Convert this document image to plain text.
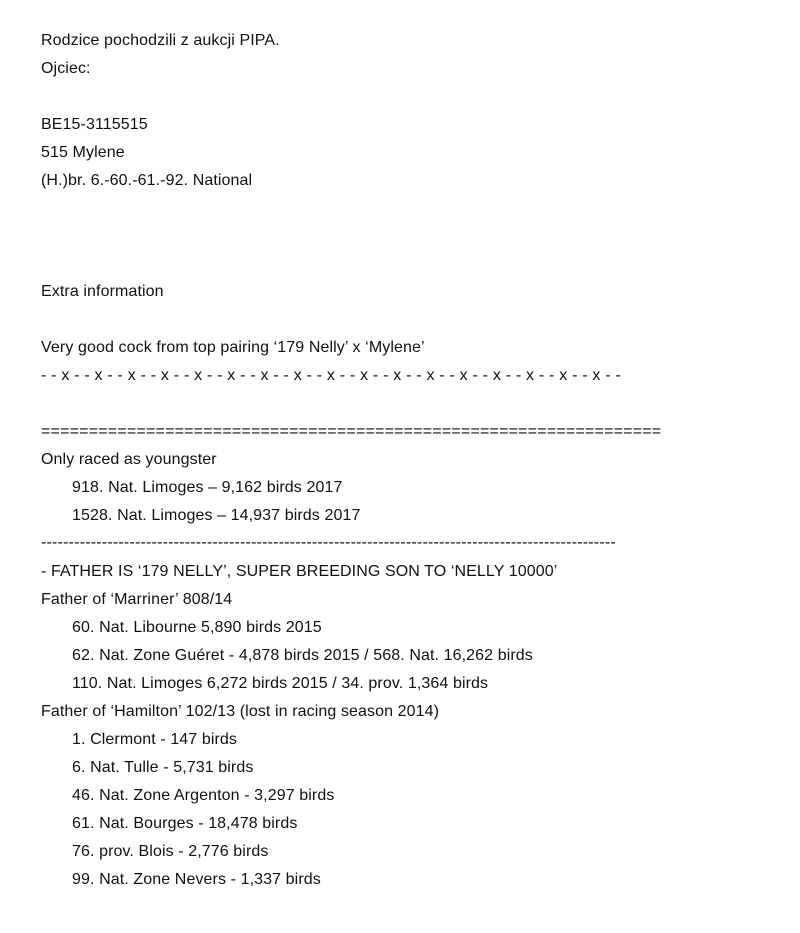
Rodzice pochodzili z aukcji PIPA.
Ojciec:
BE15-3115515
515 Mylene
(H.)br. 6.-60.-61.-92. National
Extra information
Very good cock from top pairing ‘179 Nelly’ x ‘Mylene’
- - x - - x - - x - - x - - x - - x - - x - - x - - x - - x - - x - - x - - x - - x - - x - - x - - x - -
=================================================================
Only raced as youngster
918. Nat. Limoges – 9,162 birds 2017
1528. Nat. Limoges – 14,937 birds 2017
--------------------------------------------------------------------------------------------------------
- FATHER IS ‘179 NELLY’, SUPER BREEDING SON TO ‘NELLY 10000’
Father of ‘Marriner’ 808/14
60. Nat. Libourne 5,890 birds 2015
62. Nat. Zone Guéret - 4,878 birds 2015 / 568. Nat. 16,262 birds
110. Nat. Limoges 6,272 birds 2015 / 34. prov. 1,364 birds
Father of ‘Hamilton’ 102/13 (lost in racing season 2014)
1. Clermont - 147 birds
6. Nat. Tulle - 5,731 birds
46. Nat. Zone Argenton - 3,297 birds
61. Nat. Bourges - 18,478 birds
76. prov. Blois - 2,776 birds
99. Nat. Zone Nevers - 1,337 birds
